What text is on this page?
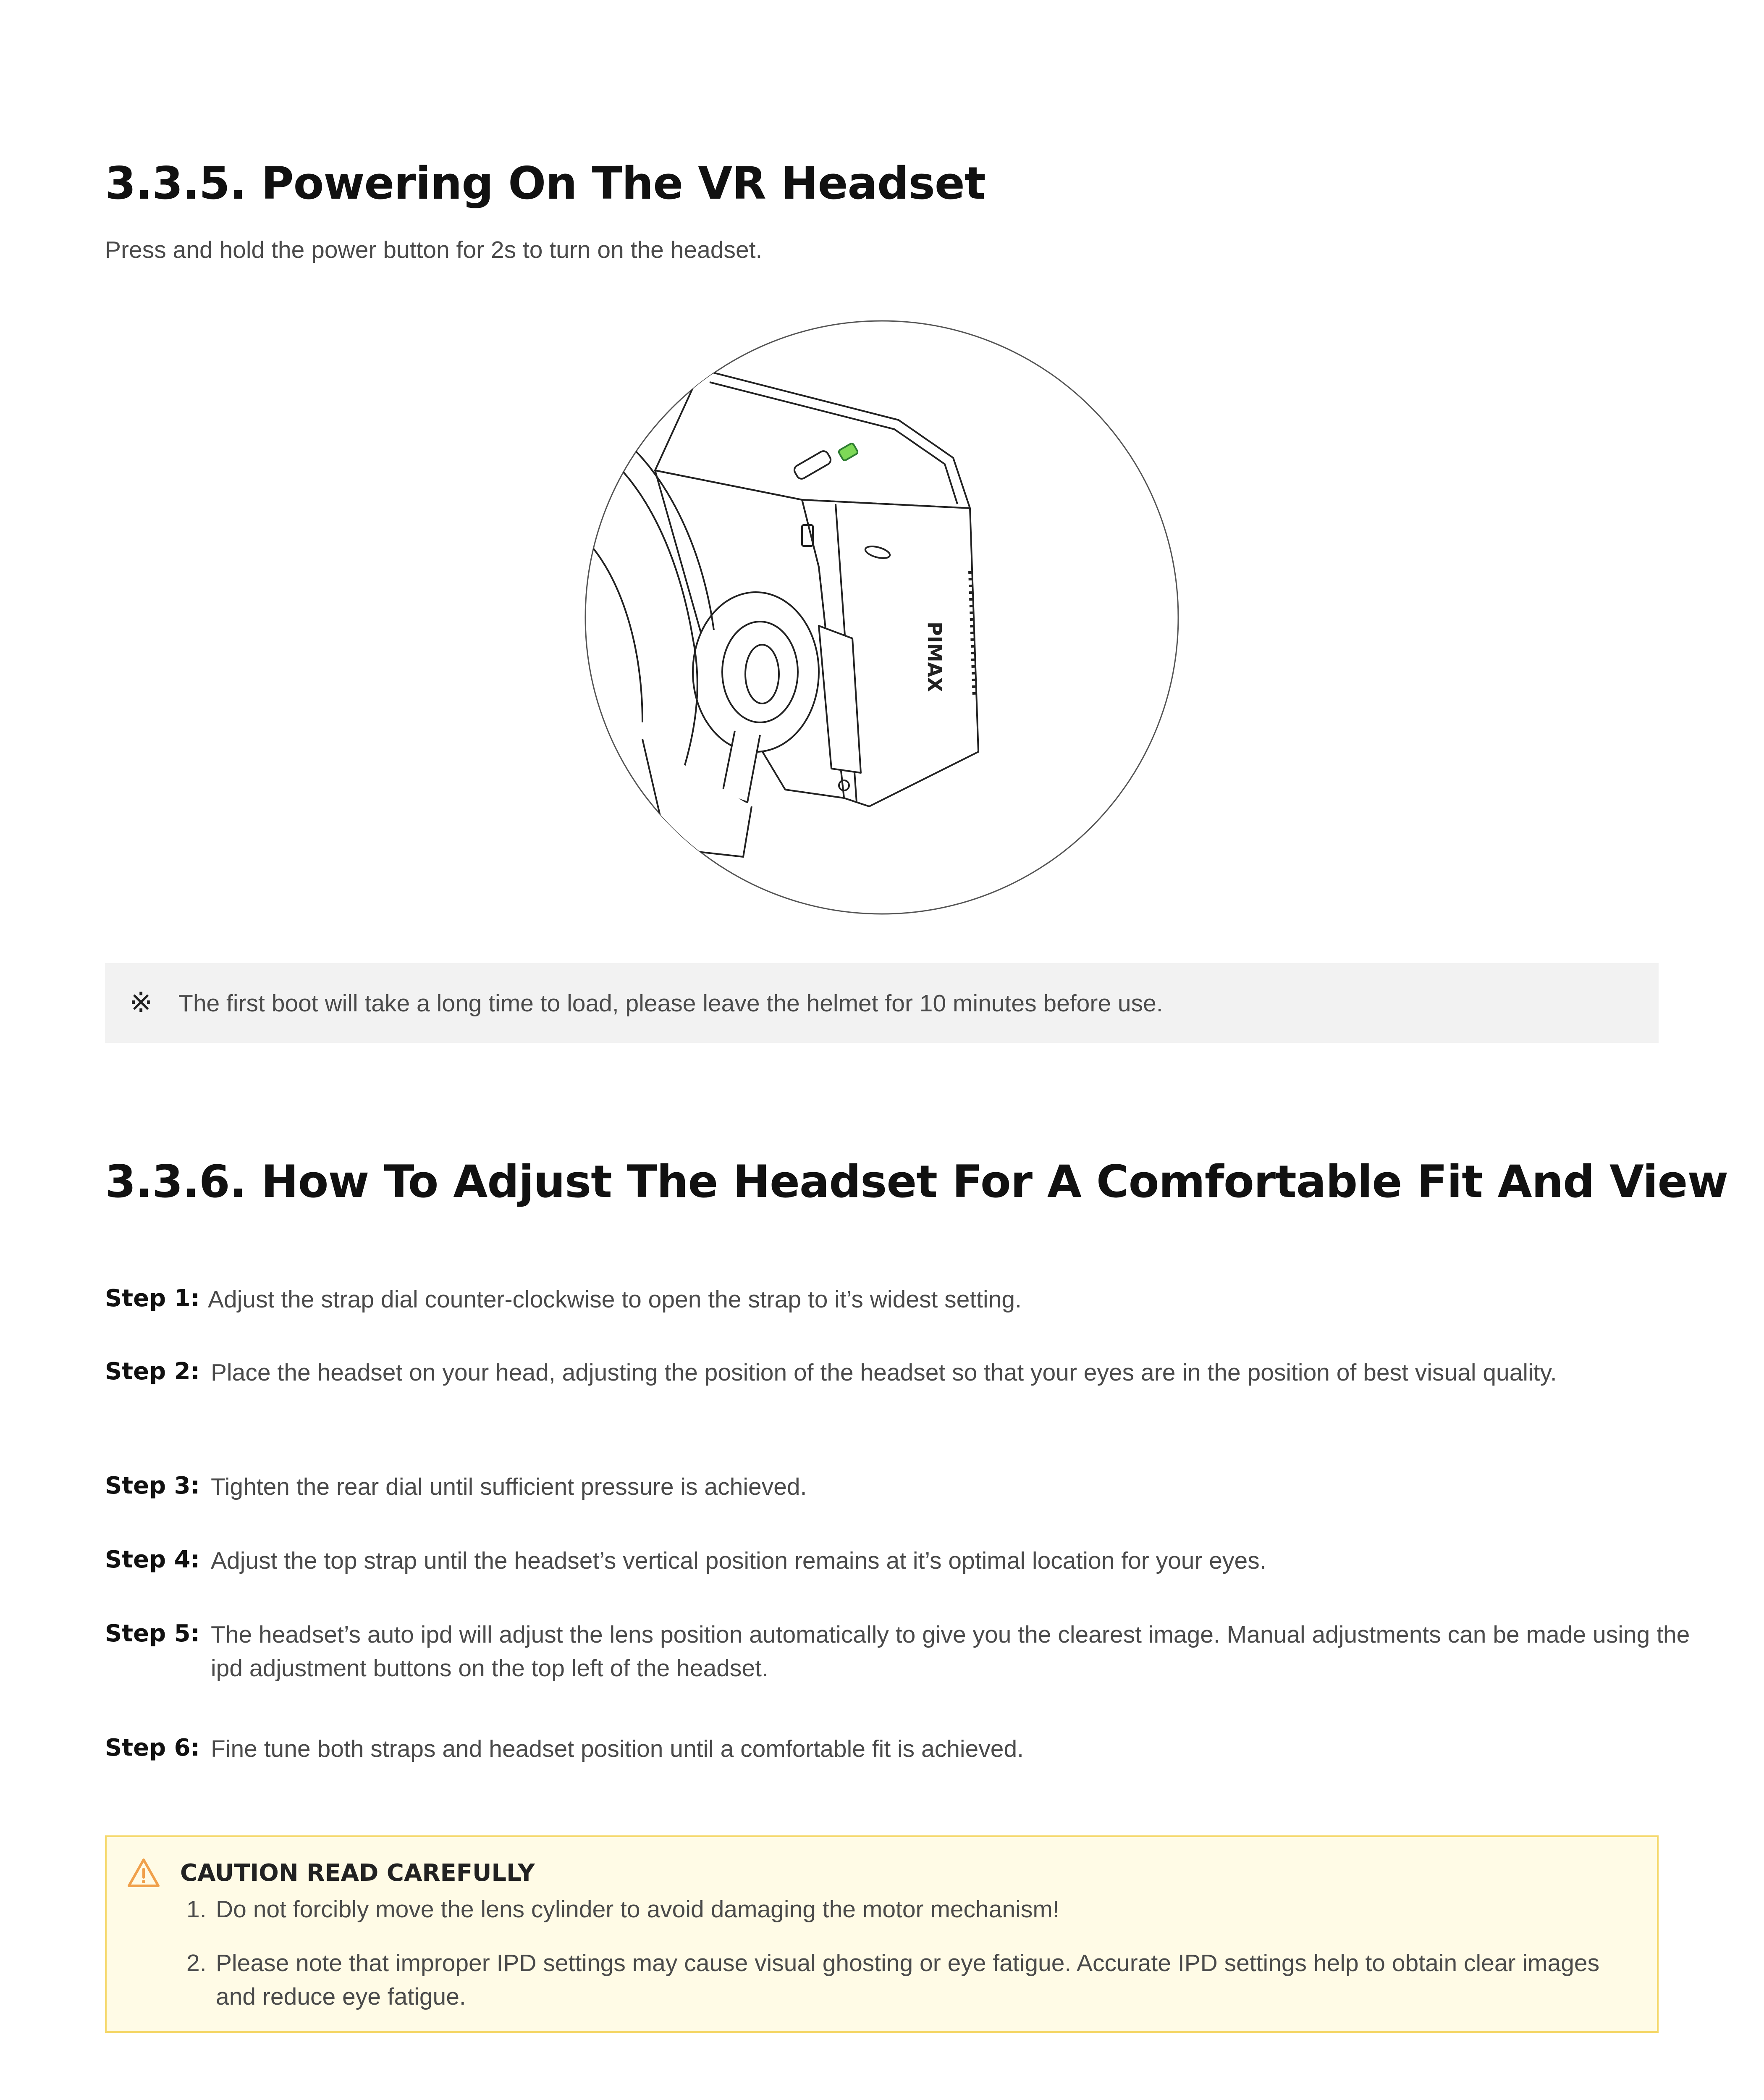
3.3.5. Powering On The VR Headset
Press and hold the power button for 2s to turn on the headset.
PIMAX
※ The first boot will take a long time to load, please leave the helmet for 10 minutes before use.
3.3.6. How To Adjust The Headset For A Comfortable Fit And View
Step 1: Adjust the strap dial counter-clockwise to open the strap to it’s widest setting.
Step 2: Place the headset on your head, adjusting the position of the headset so that your eyes are in the position of best visual quality.
Step 3: Tighten the rear dial until sufficient pressure is achieved.
Step 4: Adjust the top strap until the headset’s vertical position remains at it’s optimal location for your eyes.
Step 5: The headset’s auto ipd will adjust the lens position automatically to give you the clearest image. Manual adjustments can be made using the ipd adjustment buttons on the top left of the headset.
Step 6: Fine tune both straps and headset position until a comfortable fit is achieved.
CAUTION READ CAREFULLY
1. Do not forcibly move the lens cylinder to avoid damaging the motor mechanism!
2. Please note that improper IPD settings may cause visual ghosting or eye fatigue. Accurate IPD settings help to obtain clear images and reduce eye fatigue.
